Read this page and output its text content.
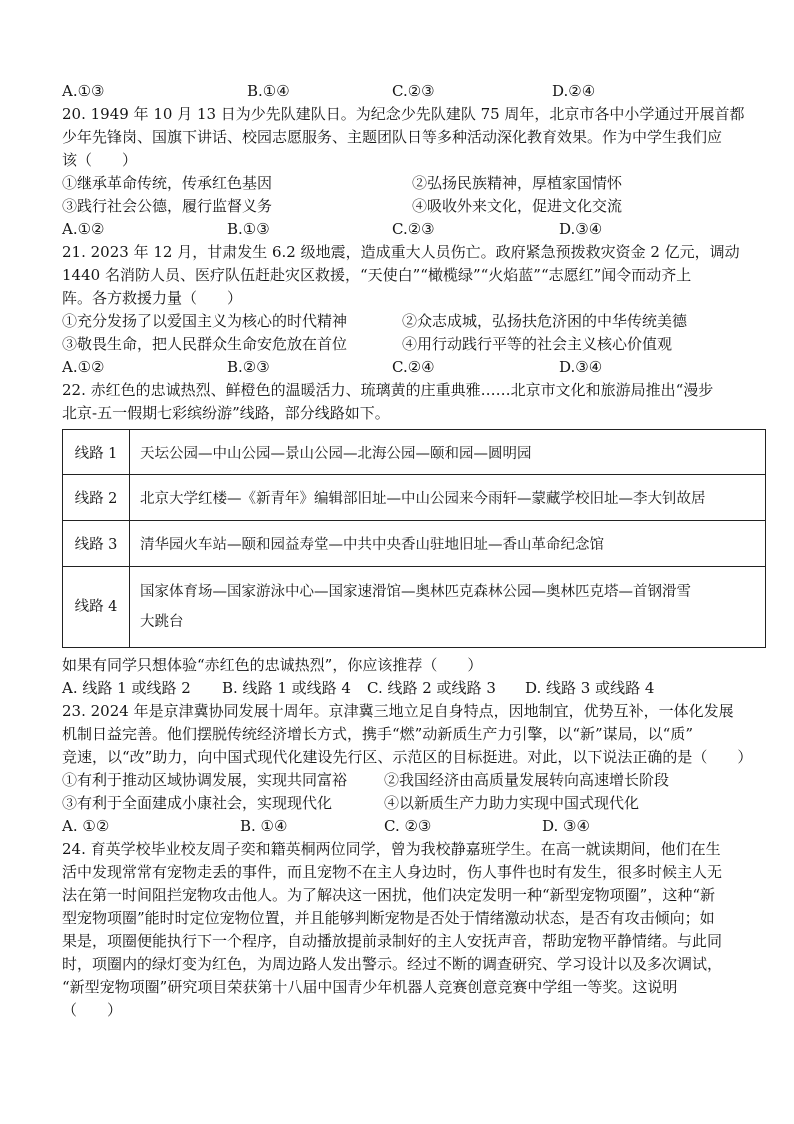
A.①③	B.①④	C.②③	D.②④
20. 1949 年 10 月 13 日为少先队建队日。为纪念少先队建队 75 周年，北京市各中小学通过开展首都
少年先锋岗、国旗下讲话、校园志愿服务、主题团队日等多种活动深化教育效果。作为中学生我们应
该（　　）
①继承革命传统，传承红色基因	②弘扬民族精神，厚植家国情怀
③践行社会公德，履行监督义务	④吸收外来文化，促进文化交流
A.①②	B.①③	C.②③	D.③④
21. 2023 年 12 月，甘肃发生 6.2 级地震，造成重大人员伤亡。政府紧急预拨救灾资金 2 亿元，调动
1440 名消防人员、医疗队伍赶赴灾区救援，“天使白”“橄榄绿”“火焰蓝”“志愿红”闻令而动齐上
阵。各方救援力量（　　）
①充分发扬了以爱国主义为核心的时代精神	②众志成城，弘扬扶危济困的中华传统美德
③敬畏生命，把人民群众生命安危放在首位	④用行动践行平等的社会主义核心价值观
A.①②	B.②③	C.②④	D.③④
22. 赤红色的忠诚热烈、鲜橙色的温暖活力、琉璃黄的庄重典雅……北京市文化和旅游局推出“漫步
北京-五一假期七彩缤纷游”线路，部分线路如下。
线路 1	天坛公园—中山公园—景山公园—北海公园—颐和园—圆明园
线路 2	北京大学红楼—《新青年》编辑部旧址—中山公园来今雨轩—蒙藏学校旧址—李大钊故居
线路 3	清华园火车站—颐和园益寿堂—中共中央香山驻地旧址—香山革命纪念馆
线路 4	国家体育场—国家游泳中心—国家速滑馆—奥林匹克森林公园—奥林匹克塔—首钢滑雪
大跳台
如果有同学只想体验“赤红色的忠诚热烈”，你应该推荐（　　）
A. 线路 1 或线路 2 B. 线路 1 或线路 4 C. 线路 2 或线路 3 D. 线路 3 或线路 4
23. 2024 年是京津冀协同发展十周年。京津冀三地立足自身特点，因地制宜，优势互补，一体化发展
机制日益完善。他们摆脱传统经济增长方式，携手“燃”动新质生产力引擎，以“新”谋局，以“质”
竞速，以“改”助力，向中国式现代化建设先行区、示范区的目标挺进。对此，以下说法正确的是（　　）
①有利于推动区域协调发展，实现共同富裕 ②我国经济由高质量发展转向高速增长阶段
③有利于全面建成小康社会，实现现代化	④以新质生产力助力实现中国式现代化
A. ①②	B. ①④	C. ②③	D. ③④
24. 育英学校毕业校友周子奕和籍英桐两位同学，曾为我校静嘉班学生。在高一就读期间，他们在生
活中发现常常有宠物走丢的事件，而且宠物不在主人身边时，伤人事件也时有发生，很多时候主人无
法在第一时间阻拦宠物攻击他人。为了解决这一困扰，他们决定发明一种“新型宠物项圈”，这种“新
型宠物项圈”能时时定位宠物位置，并且能够判断宠物是否处于情绪激动状态，是否有攻击倾向；如
果是，项圈便能执行下一个程序，自动播放提前录制好的主人安抚声音，帮助宠物平静情绪。与此同
时，项圈内的绿灯变为红色，为周边路人发出警示。经过不断的调查研究、学习设计以及多次调试，
“新型宠物项圈”研究项目荣获第十八届中国青少年机器人竞赛创意竞赛中学组一等奖。这说明
（　　）
